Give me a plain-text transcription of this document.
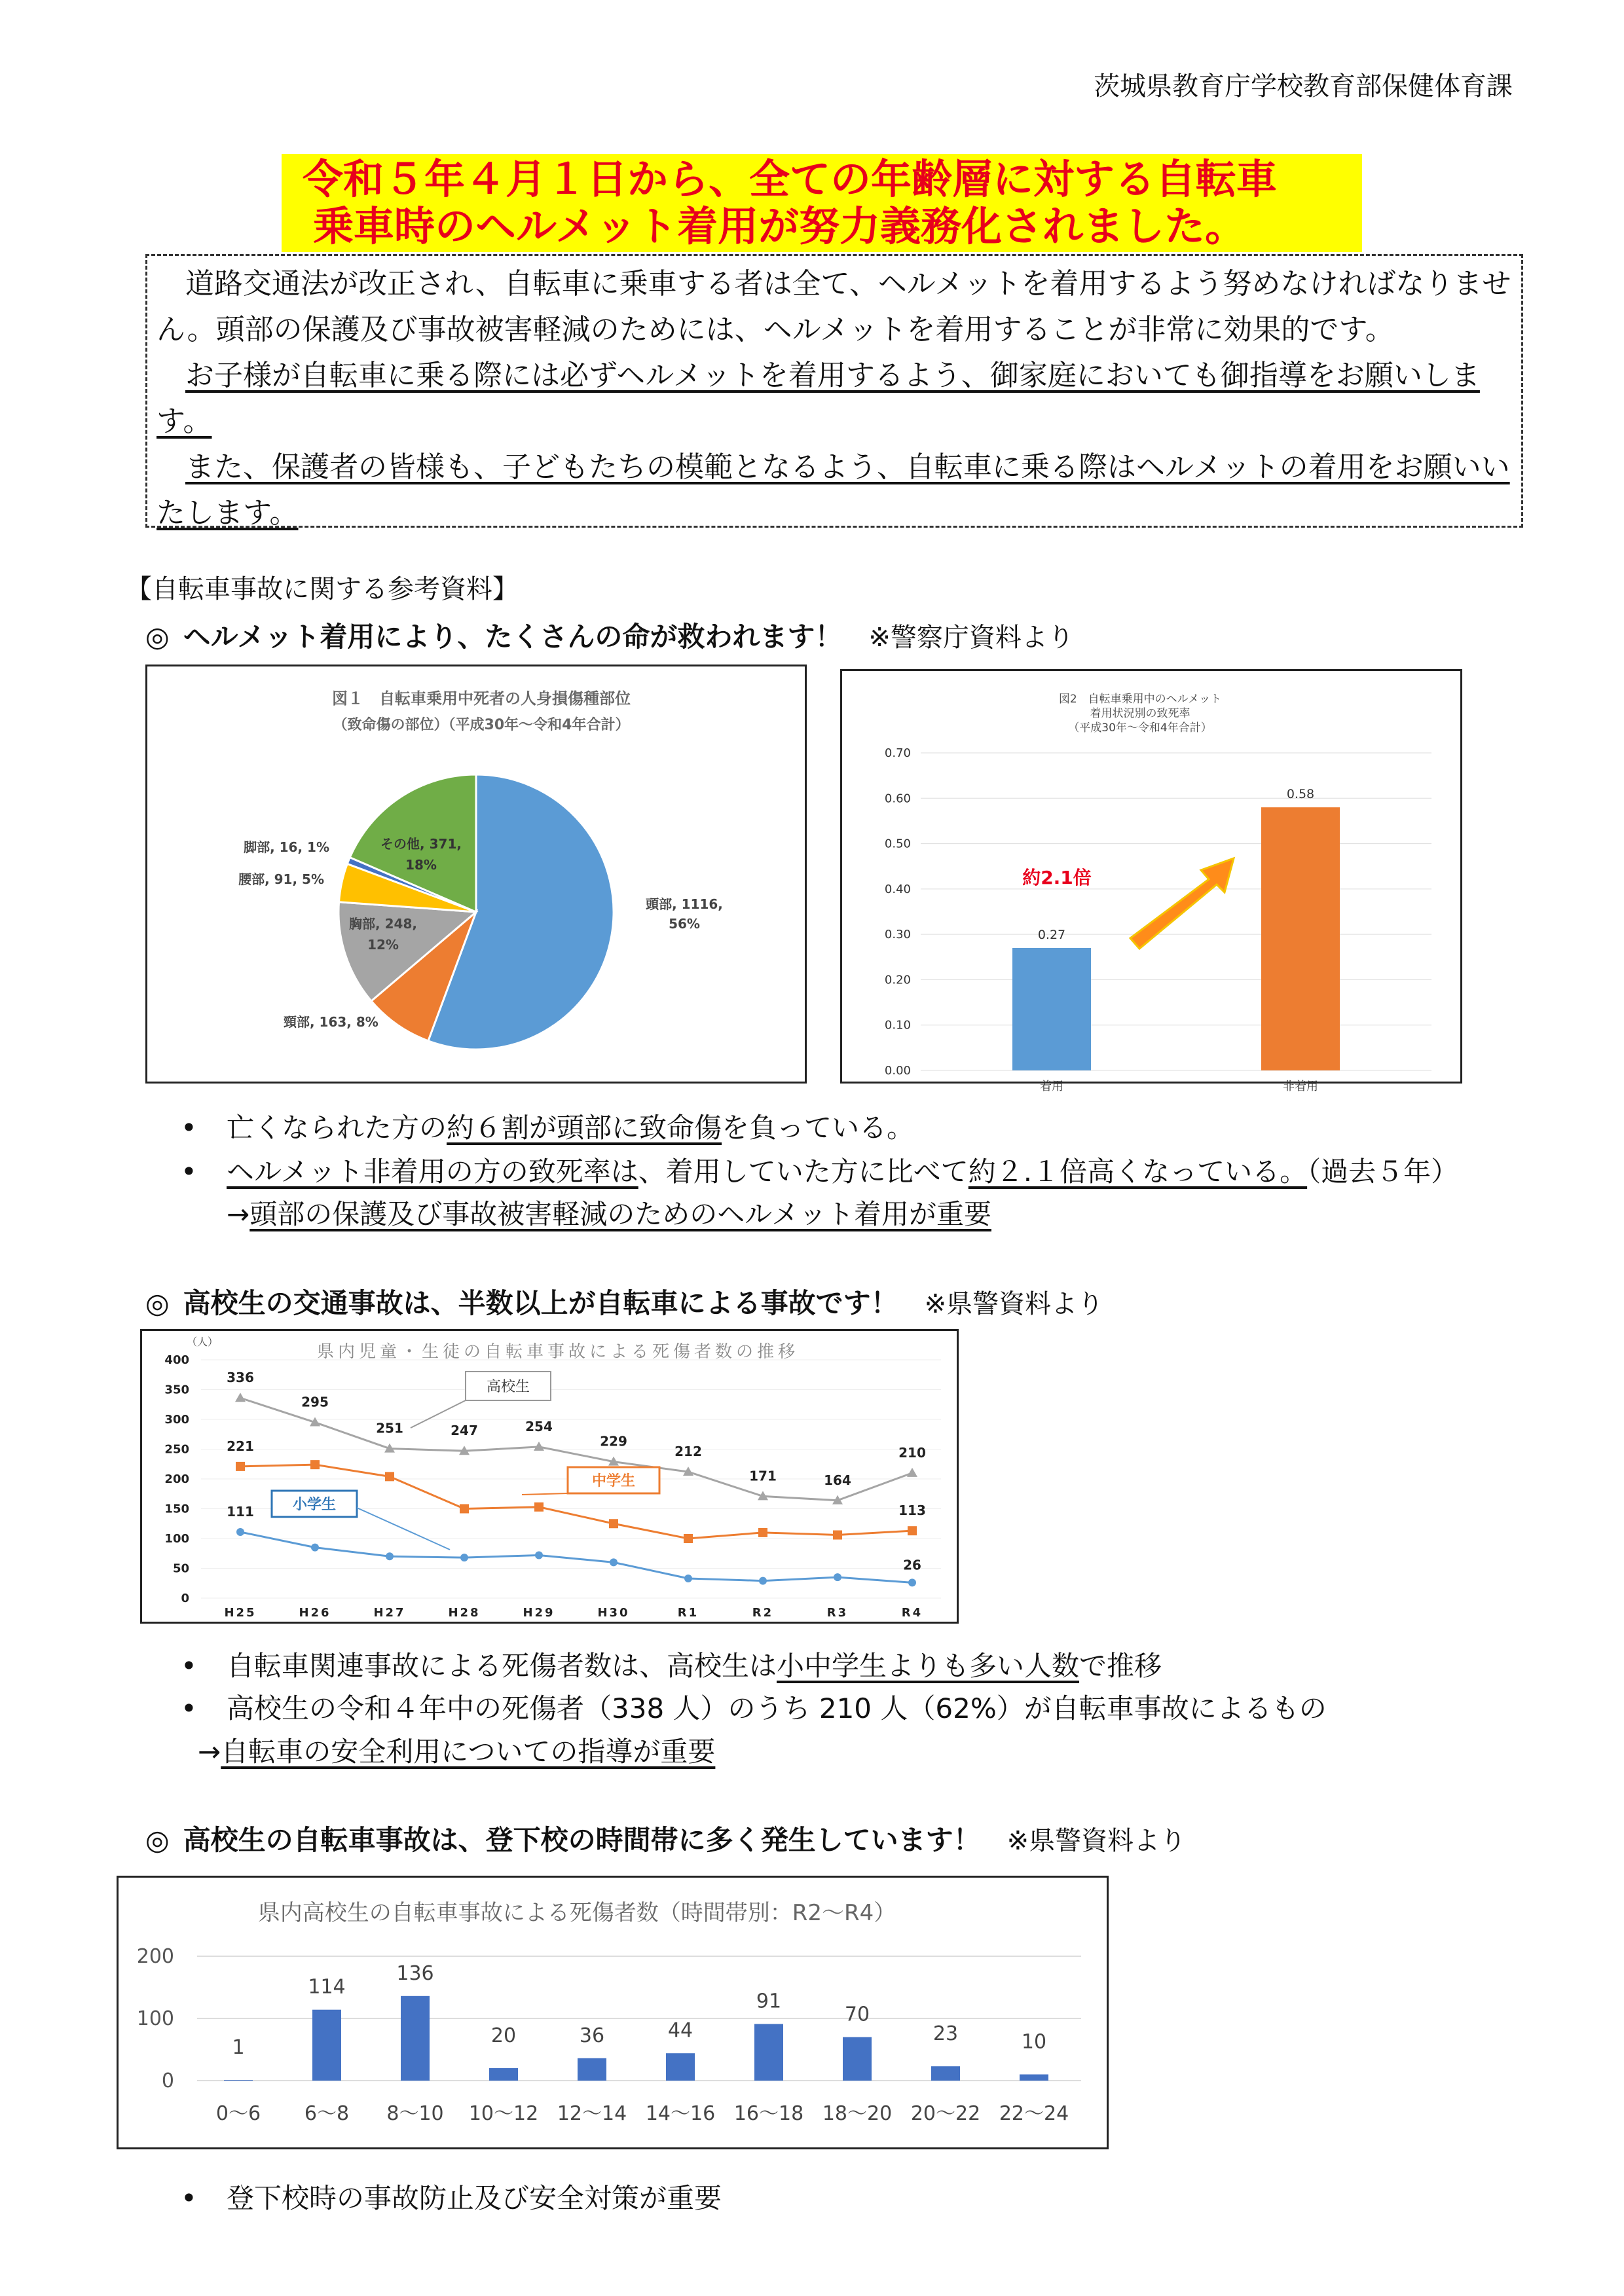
茨城県教育庁学校教育部保健体育課
令和５年４月１日から、全ての年齢層に対する自転車
乗車時のヘルメット着用が努力義務化されました。

 道路交通法が改正され、自転車に乗車する者は全て、ヘルメットを着用するよう努めなければなりません。頭部の保護及び事故被害軽減のためには、ヘルメットを着用することが非常に効果的です。

 お子様が自転車に乗る際には必ずヘルメットを着用するよう、御家庭においても御指導をお願いします。

 また、保護者の皆様も、子どもたちの模範となるよう、自転車に乗る際はヘルメットの着用をお願いいたします。

【自転車事故に関する参考資料】
◎  ヘルメット着用により、たくさんの命が救われます！ ※警察庁資料より
図１　自転車乗用中死者の人身損傷種部位
（致命傷の部位）（平成30年～令和4年合計）
頭部, 1116,
56%
頸部, 163, 8%
胸部, 248,
12%
腰部, 91, 5%
脚部, 16, 1%	その他, 371,
18%
図2　自転車乗用中のヘルメット
着用状況別の致死率
（平成30年～令和4年合計）
0.00
0.10
0.20
0.30
0.40
0.50
0.60
0.70
0.27
着用
0.58
非着用
約2.1倍
• 亡くなられた方の約６割が頭部に致命傷を負っている。
• ヘルメット非着用の方の致死率は、着用していた方に比べて約２.１倍高くなっている。（過去５年）
→頭部の保護及び事故被害軽減のためのヘルメット着用が重要
◎  高校生の交通事故は、半数以上が自転車による事故です！ ※県警資料より
県内児童・生徒の自転車事故による死傷者数の推移
（人）
0
50
100
150
200
250
300
350
400
H25	H26	H27	H28	H29	H30	R1	R2	R3	R4
336
295
251	247	254
229
212
171	164
210
221
113
111
26
高校生
中学生
小学生
• 自転車関連事故による死傷者数は、高校生は小中学生よりも多い人数で推移
• 高校生の令和４年中の死傷者（338 人）のうち 210 人（62%）が自転車事故によるもの
→自転車の安全利用についての指導が重要
◎  高校生の自転車事故は、登下校の時間帯に多く発生しています！ ※県警資料より
県内高校生の自転車事故による死傷者数（時間帯別：R2～R4）
0
100
200
1
0～6
114
6～8
136
8～10
20
10～12
36
12～14
44
14～16
91
16～18
70
18～20
23
20～22
10
22～24
• 登下校時の事故防止及び安全対策が重要
